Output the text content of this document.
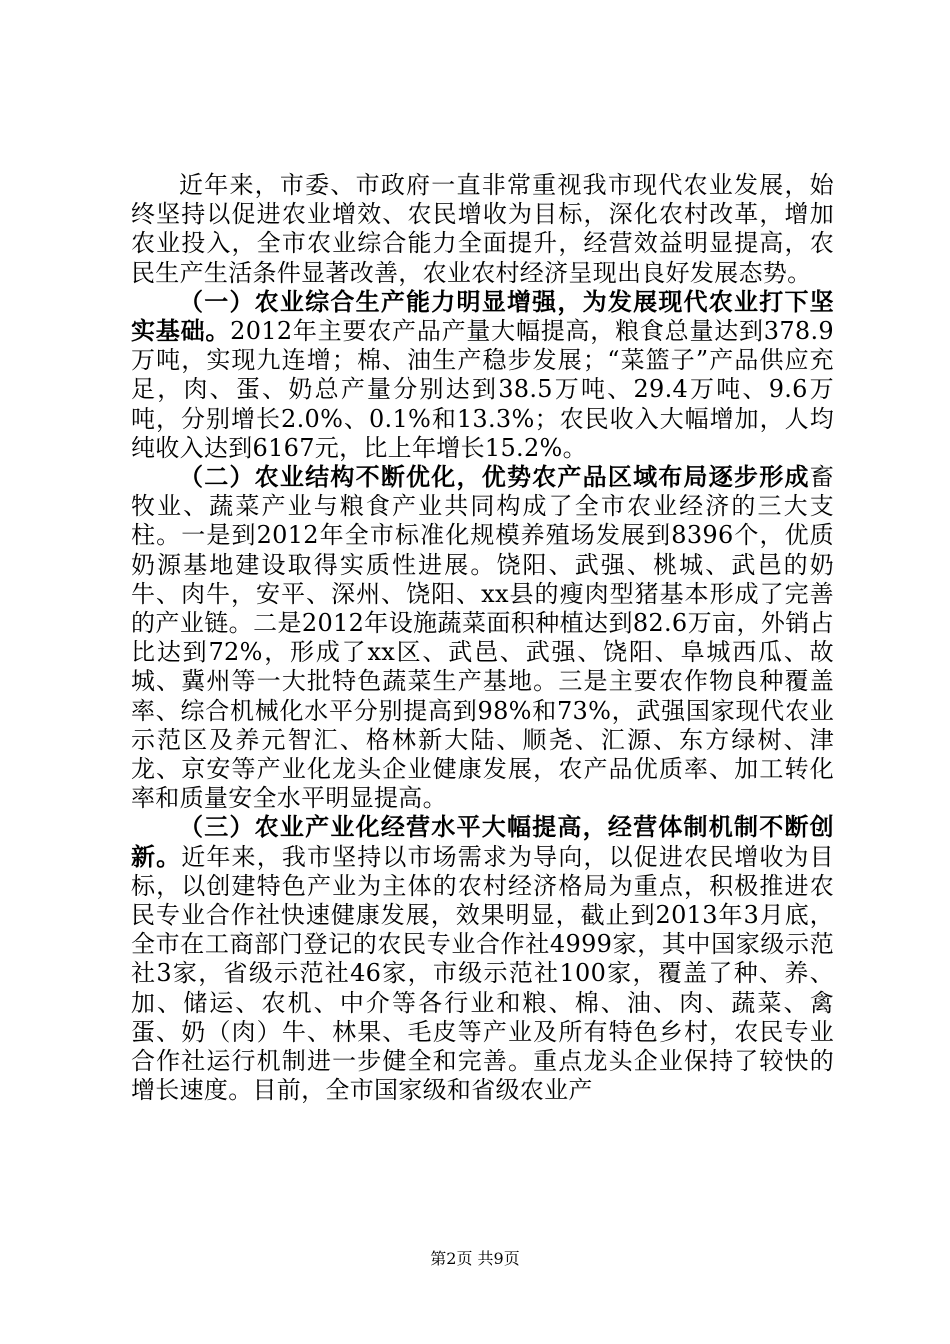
近年来，市委、市政府一直非常重视我市现代农业发展，始终坚持以促进农业增效、农民增收为目标，深化农村改革，增加农业投入，全市农业综合能力全面提升，经营效益明显提高，农民生产生活条件显著改善，农业农村经济呈现出良好发展态势。

（一）农业综合生产能力明显增强，为发展现代农业打下坚实基础。2012年主要农产品产量大幅提高，粮食总量达到378.9万吨，实现九连增；棉、油生产稳步发展；“菜篮子”产品供应充足，肉、蛋、奶总产量分别达到38.5万吨、29.4万吨、9.6万吨，分别增长2.0%、0.1%和13.3%；农民收入大幅增加，人均纯收入达到6167元，比上年增长15.2%。

（二）农业结构不断优化，优势农产品区域布局逐步形成畜牧业、蔬菜产业与粮食产业共同构成了全市农业经济的三大支柱。一是到2012年全市标准化规模养殖场发展到8396个，优质奶源基地建设取得实质性进展。饶阳、武强、桃城、武邑的奶牛、肉牛，安平、深州、饶阳、xx县的瘦肉型猪基本形成了完善的产业链。二是2012年设施蔬菜面积种植达到82.6万亩，外销占比达到72%，形成了xx区、武邑、武强、饶阳、阜城西瓜、故城、冀州等一大批特色蔬菜生产基地。三是主要农作物良种覆盖率、综合机械化水平分别提高到98%和73%，武强国家现代农业示范区及养元智汇、格林新大陆、顺尧、汇源、东方绿树、津龙、京安等产业化龙头企业健康发展，农产品优质率、加工转化率和质量安全水平明显提高。

（三）农业产业化经营水平大幅提高，经营体制机制不断创新。近年来，我市坚持以市场需求为导向，以促进农民增收为目标，以创建特色产业为主体的农村经济格局为重点，积极推进农民专业合作社快速健康发展，效果明显，截止到2013年3月底，全市在工商部门登记的农民专业合作社4999家，其中国家级示范社3家，省级示范社46家，市级示范社100家，覆盖了种、养、加、储运、农机、中介等各行业和粮、棉、油、肉、蔬菜、禽蛋、奶（肉）牛、林果、毛皮等产业及所有特色乡村，农民专业合作社运行机制进一步健全和完善。重点龙头企业保持了较快的增长速度。目前，全市国家级和省级农业产

第2页 共9页
